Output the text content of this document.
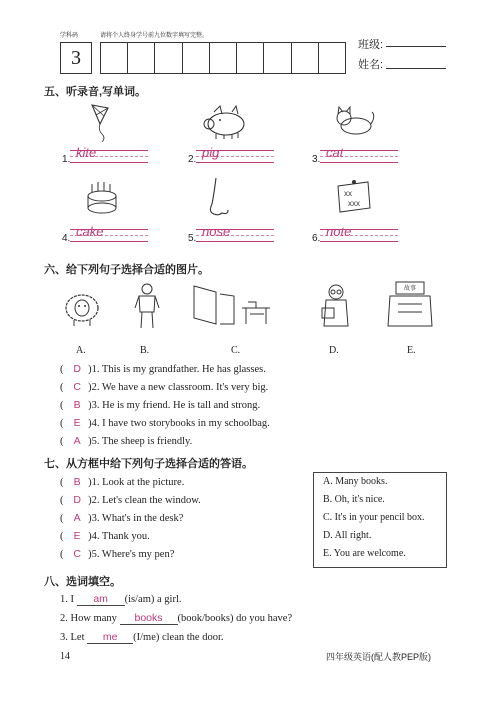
学科码	请将个人终身学号前九位数字填写完整。
3
班级:
姓名:
五、听录音,写单词。
1. kite	2. pig	3. cat
xx
xxx
4. cake	5. nose	6. note
六、给下列句子选择合适的图片。
故事
A.	B.	C.	D.	E.
( D )1. This is my grandfather. He has glasses.
( C )2. We have a new classroom. It's very big.
( B )3. He is my friend. He is tall and strong.
( E )4. I have two storybooks in my schoolbag.
( A )5. The sheep is friendly.
七、从方框中给下列句子选择合适的答语。
( B )1. Look at the picture.
( D )2. Let's clean the window.
( A )3. What's in the desk?
( E )4. Thank you.
( C )5. Where's my pen?
A. Many books.
B. Oh, it's nice.
C. It's in your pencil box.
D. All right.
E. You are welcome.
八、选词填空。
1. I am (is/am) a girl.
2. How many books (book/books) do you have?
3. Let me (I/me) clean the door.
14	四年级英语(配人教PEP版)
